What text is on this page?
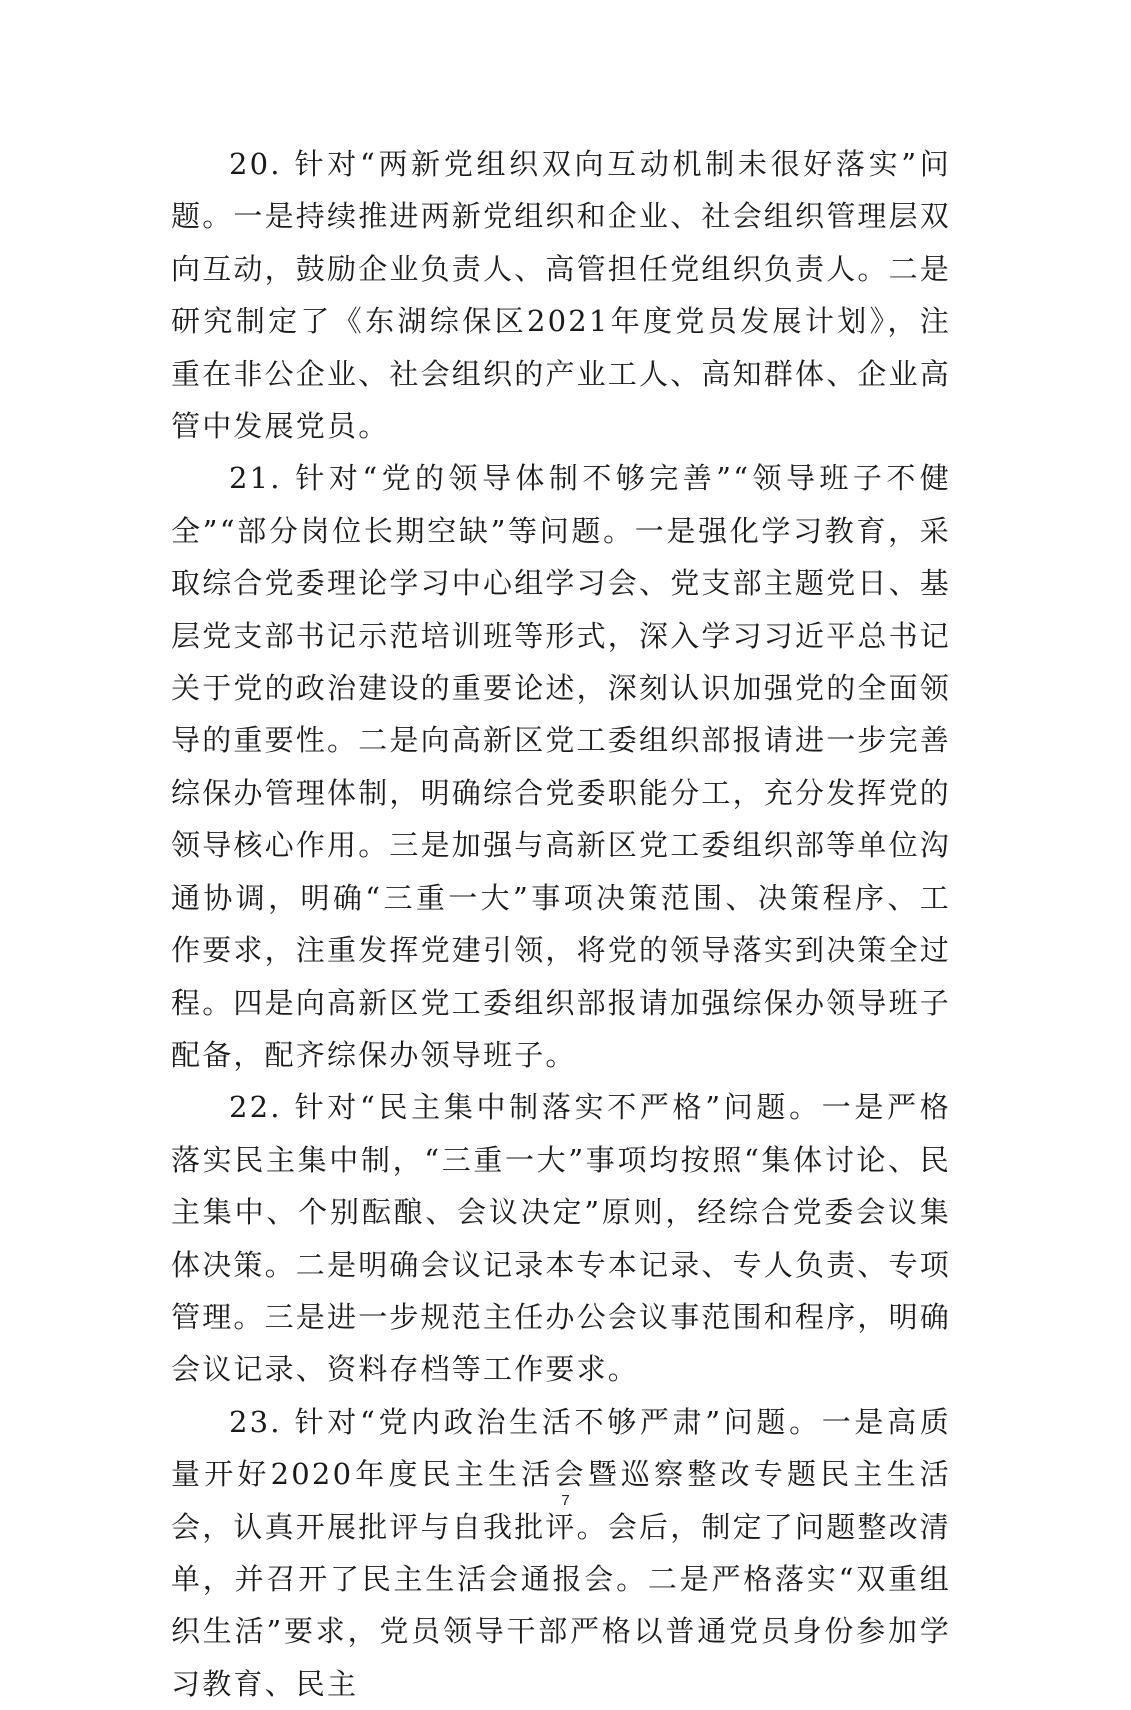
20. 针对“两新党组织双向互动机制未很好落实”问题。一是持续推进两新党组织和企业、社会组织管理层双向互动，鼓励企业负责人、高管担任党组织负责人。二是研究制定了《东湖综保区2021年度党员发展计划》，注重在非公企业、社会组织的产业工人、高知群体、企业高管中发展党员。

21. 针对“党的领导体制不够完善”“领导班子不健全”“部分岗位长期空缺”等问题。一是强化学习教育，采取综合党委理论学习中心组学习会、党支部主题党日、基层党支部书记示范培训班等形式，深入学习习近平总书记关于党的政治建设的重要论述，深刻认识加强党的全面领导的重要性。二是向高新区党工委组织部报请进一步完善综保办管理体制，明确综合党委职能分工，充分发挥党的领导核心作用。三是加强与高新区党工委组织部等单位沟通协调，明确“三重一大”事项决策范围、决策程序、工作要求，注重发挥党建引领，将党的领导落实到决策全过程。四是向高新区党工委组织部报请加强综保办领导班子配备，配齐综保办领导班子。

22. 针对“民主集中制落实不严格”问题。一是严格落实民主集中制，“三重一大”事项均按照“集体讨论、民主集中、个别酝酿、会议决定”原则，经综合党委会议集体决策。二是明确会议记录本专本记录、专人负责、专项管理。三是进一步规范主任办公会议事范围和程序，明确会议记录、资料存档等工作要求。

23. 针对“党内政治生活不够严肃”问题。一是高质量开好2020年度民主生活会暨巡察整改专题民主生活会，认真开展批评与自我批评。会后，制定了问题整改清单，并召开了民主生活会通报会。二是严格落实“双重组织生活”要求，党员领导干部严格以普通党员身份参加学习教育、民主

7
